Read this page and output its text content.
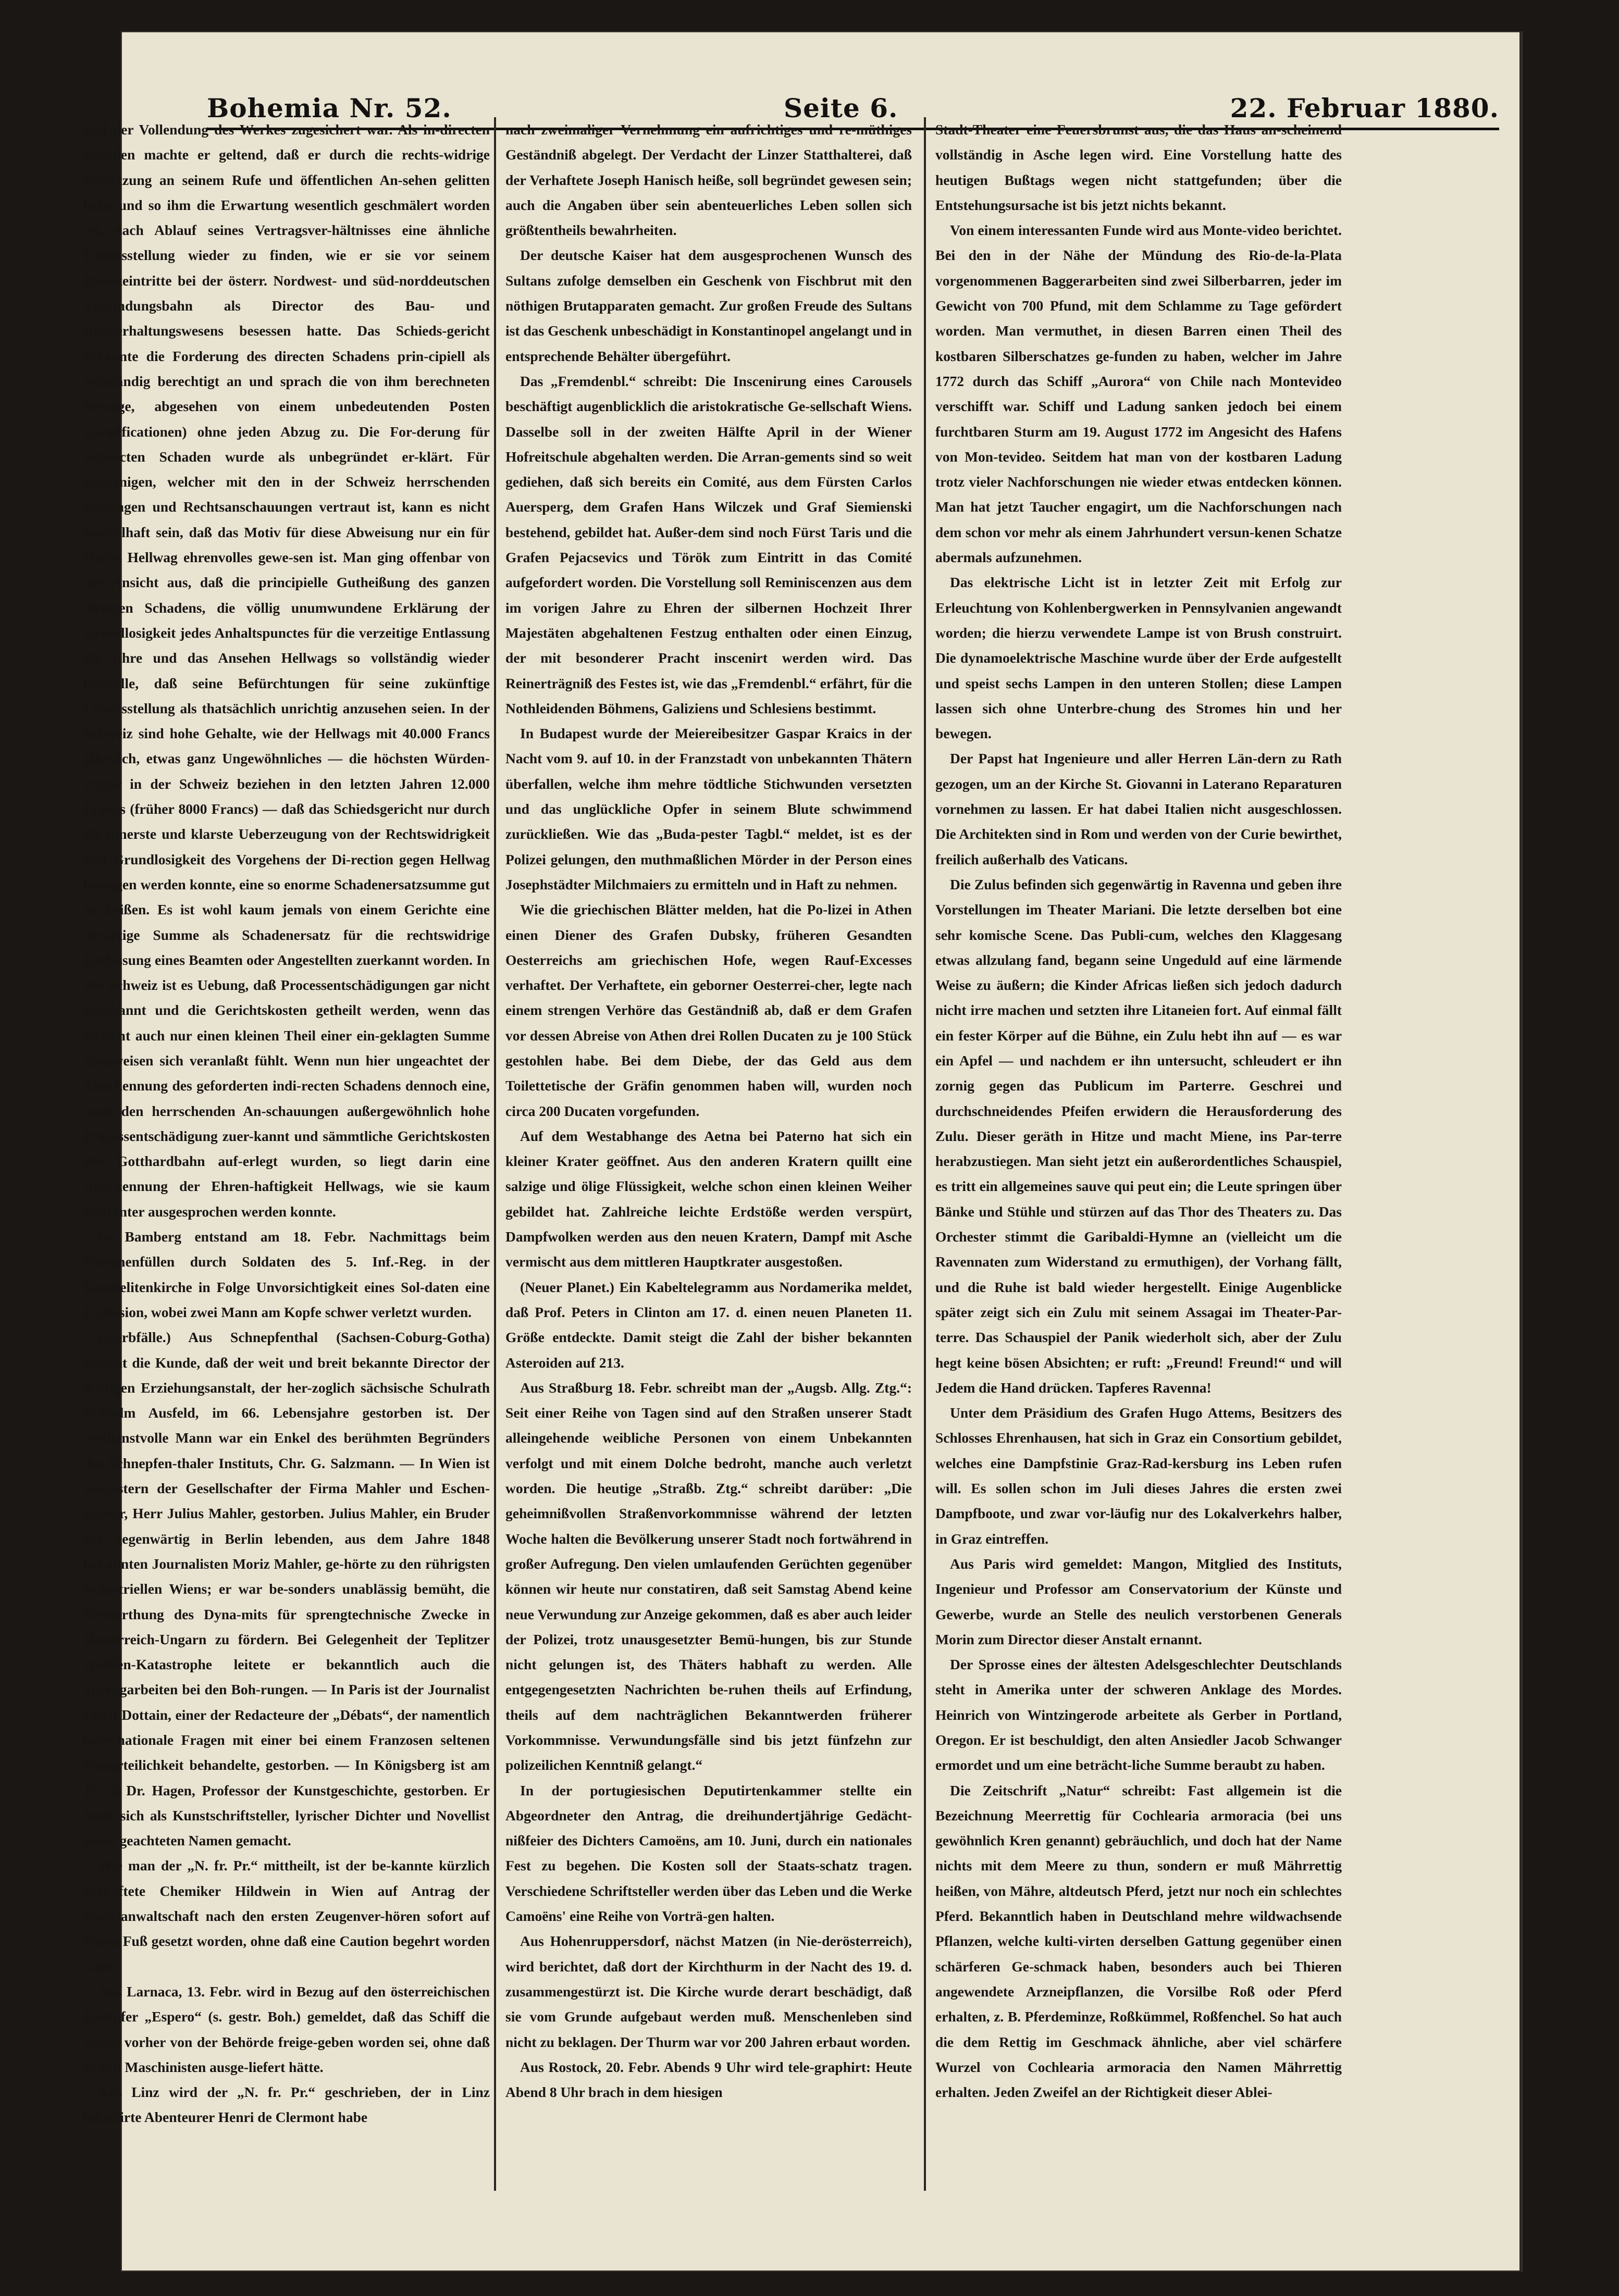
Bohemia Nr. 52.	Seite 6.	22. Februar 1880.

Fall der Vollendung des Werkes zugesichert war. Als in-directen Schaden machte er geltend, daß er durch die rechts-widrige Entsetzung an seinem Rufe und öffentlichen An-sehen gelitten habe und so ihm die Erwartung wesentlich geschmälert worden sei, nach Ablauf seines Vertragsver-hältnisses eine ähnliche Lebensstellung wieder zu finden, wie er sie vor seinem Diensteintritte bei der österr. Nordwest- und süd-norddeutschen Verbindungsbahn als Director des Bau- und Bahnerhaltungswesens besessen hatte. Das Schieds-gericht erkannte die Forderung des directen Schadens prin-cipiell als vollständig berechtigt an und sprach die von ihm berechneten Beträge, abgesehen von einem unbedeutenden Posten (Gratificationen) ohne jeden Abzug zu. Die For-derung für indirecten Schaden wurde als unbegründet er-klärt. Für Denjenigen, welcher mit den in der Schweiz herrschenden Uebungen und Rechtsanschauungen vertraut ist, kann es nicht zweifelhaft sein, daß das Motiv für diese Abweisung nur ein für Herrn Hellwag ehrenvolles gewe-sen ist. Man ging offenbar von der Ansicht aus, daß die principielle Gutheißung des ganzen directen Schadens, die völlig unumwundene Erklärung der Grundlosigkeit jedes Anhaltspunctes für die verzeitige Entlassung die Ehre und das Ansehen Hellwags so vollständig wieder herstelle, daß seine Befürchtungen für seine zukünftige Lebensstellung als thatsächlich unrichtig anzusehen seien. In der Schweiz sind hohe Gehalte, wie der Hellwags mit 40.000 Francs jähr-lich, etwas ganz Ungewöhnliches — die höchsten Würden-träger in der Schweiz beziehen in den letzten Jahren 12.000 Francs (früher 8000 Francs) — daß das Schiedsgericht nur durch die innerste und klarste Ueberzeugung von der Rechtswidrigkeit und Grundlosigkeit des Vorgehens der Di-rection gegen Hellwag bewogen werden konnte, eine so enorme Schadenersatzsumme gut zu heißen. Es ist wohl kaum jemals von einem Gerichte eine derartige Summe als Schadenersatz für die rechtswidrige Entlassung eines Beamten oder Angestellten zuerkannt worden. In der Schweiz ist es Uebung, daß Processentschädigungen gar nicht zuerkannt und die Gerichtskosten getheilt werden, wenn das Gericht auch nur einen kleinen Theil einer ein-geklagten Summe abzuweisen sich veranlaßt fühlt. Wenn nun hier ungeachtet der Aberkennung des geforderten indi-recten Schadens dennoch eine, nach den herrschenden An-schauungen außergewöhnlich hohe Processentschädigung zuer-kannt und sämmtliche Gerichtskosten der Gotthardbahn auf-erlegt wurden, so liegt darin eine Anerkennung der Ehren-haftigkeit Hellwags, wie sie kaum eclatanter ausgesprochen werden konnte.

In Bamberg entstand am 18. Febr. Nachmittags beim Patronenfüllen durch Soldaten des 5. Inf.-Reg. in der Karmelitenkirche in Folge Unvorsichtigkeit eines Sol-daten eine Explosion, wobei zwei Mann am Kopfe schwer verletzt wurden.

(Sterbfälle.) Aus Schnepfenthal (Sachsen-Coburg-Gotha) kommt die Kunde, daß der weit und breit bekannte Director der dortigen Erziehungsanstalt, der her-zoglich sächsische Schulrath Wilhelm Ausfeld, im 66. Lebensjahre gestorben ist. Der verdienstvolle Mann war ein Enkel des berühmten Begründers des Schnepfen-thaler Instituts, Chr. G. Salzmann. — In Wien ist vorgestern der Gesellschafter der Firma Mahler und Eschen-bacher, Herr Julius Mahler, gestorben. Julius Mahler, ein Bruder des gegenwärtig in Berlin lebenden, aus dem Jahre 1848 bekannten Journalisten Moriz Mahler, ge-hörte zu den rührigsten Industriellen Wiens; er war be-sonders unablässig bemüht, die Verwerthung des Dyna-mits für sprengtechnische Zwecke in Oesterreich-Ungarn zu fördern. Bei Gelegenheit der Teplitzer Quellen-Katastrophe leitete er bekanntlich auch die Sprengarbeiten bei den Boh-rungen. — In Paris ist der Journalist Ernst Dottain, einer der Redacteure der „Débats“, der namentlich inter-nationale Fragen mit einer bei einem Franzosen seltenen Unparteilichkeit behandelte, gestorben. — In Königsberg ist am 15. d. Dr. Hagen, Professor der Kunstgeschichte, gestorben. Er hatte sich als Kunstschriftsteller, lyrischer Dichter und Novellist einen geachteten Namen gemacht.

Wie man der „N. fr. Pr.“ mittheilt, ist der be-kannte kürzlich verhaftete Chemiker Hildwein in Wien auf Antrag der Staatsanwaltschaft nach den ersten Zeugenver-hören sofort auf freien Fuß gesetzt worden, ohne daß eine Caution begehrt worden wäre.

Aus Larnaca, 13. Febr. wird in Bezug auf den österreichischen Dampfer „Espero“ (s. gestr. Boh.) gemeldet, daß das Schiff die Nacht vorher von der Behörde freige-geben worden sei, ohne daß es den Maschinisten ausge-liefert hätte.

Aus Linz wird der „N. fr. Pr.“ geschrieben, der in Linz inhaftirte Abenteurer Henri de Clermont habe

nach zweimaliger Vernehmung ein aufrichtiges und re-müthiges Geständniß abgelegt. Der Verdacht der Linzer Statthalterei, daß der Verhaftete Joseph Hanisch heiße, soll begründet gewesen sein; auch die Angaben über sein abenteuerliches Leben sollen sich größtentheils bewahrheiten.

Der deutsche Kaiser hat dem ausgesprochenen Wunsch des Sultans zufolge demselben ein Geschenk von Fischbrut mit den nöthigen Brutapparaten gemacht. Zur großen Freude des Sultans ist das Geschenk unbeschädigt in Konstantinopel angelangt und in entsprechende Behälter übergeführt.

Das „Fremdenbl.“ schreibt: Die Inscenirung eines Carousels beschäftigt augenblicklich die aristokratische Ge-sellschaft Wiens. Dasselbe soll in der zweiten Hälfte April in der Wiener Hofreitschule abgehalten werden. Die Arran-gements sind so weit gediehen, daß sich bereits ein Comité, aus dem Fürsten Carlos Auersperg, dem Grafen Hans Wilczek und Graf Siemienski bestehend, gebildet hat. Außer-dem sind noch Fürst Taris und die Grafen Pejacsevics und Török zum Eintritt in das Comité aufgefordert worden. Die Vorstellung soll Reminiscenzen aus dem im vorigen Jahre zu Ehren der silbernen Hochzeit Ihrer Majestäten abgehaltenen Festzug enthalten oder einen Einzug, der mit besonderer Pracht inscenirt werden wird. Das Reinerträgniß des Festes ist, wie das „Fremdenbl.“ erfährt, für die Nothleidenden Böhmens, Galiziens und Schlesiens bestimmt.

In Budapest wurde der Meiereibesitzer Gaspar Kraics in der Nacht vom 9. auf 10. in der Franzstadt von unbekannten Thätern überfallen, welche ihm mehre tödtliche Stichwunden versetzten und das unglückliche Opfer in seinem Blute schwimmend zurückließen. Wie das „Buda-pester Tagbl.“ meldet, ist es der Polizei gelungen, den muthmaßlichen Mörder in der Person eines Josephstädter Milchmaiers zu ermitteln und in Haft zu nehmen.

Wie die griechischen Blätter melden, hat die Po-lizei in Athen einen Diener des Grafen Dubsky, früheren Gesandten Oesterreichs am griechischen Hofe, wegen Rauf-Excesses verhaftet. Der Verhaftete, ein geborner Oesterrei-cher, legte nach einem strengen Verhöre das Geständniß ab, daß er dem Grafen vor dessen Abreise von Athen drei Rollen Ducaten zu je 100 Stück gestohlen habe. Bei dem Diebe, der das Geld aus dem Toilettetische der Gräfin genommen haben will, wurden noch circa 200 Ducaten vorgefunden.

Auf dem Westabhange des Aetna bei Paterno hat sich ein kleiner Krater geöffnet. Aus den anderen Kratern quillt eine salzige und ölige Flüssigkeit, welche schon einen kleinen Weiher gebildet hat. Zahlreiche leichte Erdstöße werden verspürt, Dampfwolken werden aus den neuen Kratern, Dampf mit Asche vermischt aus dem mittleren Hauptkrater ausgestoßen.

(Neuer Planet.) Ein Kabeltelegramm aus Nordamerika meldet, daß Prof. Peters in Clinton am 17. d. einen neuen Planeten 11. Größe entdeckte. Damit steigt die Zahl der bisher bekannten Asteroiden auf 213.

Aus Straßburg 18. Febr. schreibt man der „Augsb. Allg. Ztg.“: Seit einer Reihe von Tagen sind auf den Straßen unserer Stadt alleingehende weibliche Personen von einem Unbekannten verfolgt und mit einem Dolche bedroht, manche auch verletzt worden. Die heutige „Straßb. Ztg.“ schreibt darüber: „Die geheimnißvollen Straßenvorkommnisse während der letzten Woche halten die Bevölkerung unserer Stadt noch fortwährend in großer Aufregung. Den vielen umlaufenden Gerüchten gegenüber können wir heute nur constatiren, daß seit Samstag Abend keine neue Verwundung zur Anzeige gekommen, daß es aber auch leider der Polizei, trotz unausgesetzter Bemü-hungen, bis zur Stunde nicht gelungen ist, des Thäters habhaft zu werden. Alle entgegengesetzten Nachrichten be-ruhen theils auf Erfindung, theils auf dem nachträglichen Bekanntwerden früherer Vorkommnisse. Verwundungsfälle sind bis jetzt fünfzehn zur polizeilichen Kenntniß gelangt.“

In der portugiesischen Deputirtenkammer stellte ein Abgeordneter den Antrag, die dreihundertjährige Gedächt-nißfeier des Dichters Camoëns, am 10. Juni, durch ein nationales Fest zu begehen. Die Kosten soll der Staats-schatz tragen. Verschiedene Schriftsteller werden über das Leben und die Werke Camoëns' eine Reihe von Vorträ-gen halten.

Aus Hohenruppersdorf, nächst Matzen (in Nie-derösterreich), wird berichtet, daß dort der Kirchthurm in der Nacht des 19. d. zusammengestürzt ist. Die Kirche wurde derart beschädigt, daß sie vom Grunde aufgebaut werden muß. Menschenleben sind nicht zu beklagen. Der Thurm war vor 200 Jahren erbaut worden.

Aus Rostock, 20. Febr. Abends 9 Uhr wird tele-graphirt: Heute Abend 8 Uhr brach in dem hiesigen

Stadt-Theater eine Feuersbrunst aus, die das Haus an-scheinend vollständig in Asche legen wird. Eine Vorstellung hatte des heutigen Bußtags wegen nicht stattgefunden; über die Entstehungsursache ist bis jetzt nichts bekannt.

Von einem interessanten Funde wird aus Monte-video berichtet. Bei den in der Nähe der Mündung des Rio-de-la-Plata vorgenommenen Baggerarbeiten sind zwei Silberbarren, jeder im Gewicht von 700 Pfund, mit dem Schlamme zu Tage gefördert worden. Man vermuthet, in diesen Barren einen Theil des kostbaren Silberschatzes ge-funden zu haben, welcher im Jahre 1772 durch das Schiff „Aurora“ von Chile nach Montevideo verschifft war. Schiff und Ladung sanken jedoch bei einem furchtbaren Sturm am 19. August 1772 im Angesicht des Hafens von Mon-tevideo. Seitdem hat man von der kostbaren Ladung trotz vieler Nachforschungen nie wieder etwas entdecken können. Man hat jetzt Taucher engagirt, um die Nachforschungen nach dem schon vor mehr als einem Jahrhundert versun-kenen Schatze abermals aufzunehmen.

Das elektrische Licht ist in letzter Zeit mit Erfolg zur Erleuchtung von Kohlenbergwerken in Pennsylvanien angewandt worden; die hierzu verwendete Lampe ist von Brush construirt. Die dynamoelektrische Maschine wurde über der Erde aufgestellt und speist sechs Lampen in den unteren Stollen; diese Lampen lassen sich ohne Unterbre-chung des Stromes hin und her bewegen.

Der Papst hat Ingenieure und aller Herren Län-dern zu Rath gezogen, um an der Kirche St. Giovanni in Laterano Reparaturen vornehmen zu lassen. Er hat dabei Italien nicht ausgeschlossen. Die Architekten sind in Rom und werden von der Curie bewirthet, freilich außerhalb des Vaticans.

Die Zulus befinden sich gegenwärtig in Ravenna und geben ihre Vorstellungen im Theater Mariani. Die letzte derselben bot eine sehr komische Scene. Das Publi-cum, welches den Klaggesang etwas allzulang fand, begann seine Ungeduld auf eine lärmende Weise zu äußern; die Kinder Africas ließen sich jedoch dadurch nicht irre machen und setzten ihre Litaneien fort. Auf einmal fällt ein fester Körper auf die Bühne, ein Zulu hebt ihn auf — es war ein Apfel — und nachdem er ihn untersucht, schleudert er ihn zornig gegen das Publicum im Parterre. Geschrei und durchschneidendes Pfeifen erwidern die Herausforderung des Zulu. Dieser geräth in Hitze und macht Miene, ins Par-terre herabzustiegen. Man sieht jetzt ein außerordentliches Schauspiel, es tritt ein allgemeines sauve qui peut ein; die Leute springen über Bänke und Stühle und stürzen auf das Thor des Theaters zu. Das Orchester stimmt die Garibaldi-Hymne an (vielleicht um die Ravennaten zum Widerstand zu ermuthigen), der Vorhang fällt, und die Ruhe ist bald wieder hergestellt. Einige Augenblicke später zeigt sich ein Zulu mit seinem Assagai im Theater-Par-terre. Das Schauspiel der Panik wiederholt sich, aber der Zulu hegt keine bösen Absichten; er ruft: „Freund! Freund!“ und will Jedem die Hand drücken. Tapferes Ravenna!

Unter dem Präsidium des Grafen Hugo Attems, Besitzers des Schlosses Ehrenhausen, hat sich in Graz ein Consortium gebildet, welches eine Dampfstinie Graz-Rad-kersburg ins Leben rufen will. Es sollen schon im Juli dieses Jahres die ersten zwei Dampfboote, und zwar vor-läufig nur des Lokalverkehrs halber, in Graz eintreffen.

Aus Paris wird gemeldet: Mangon, Mitglied des Instituts, Ingenieur und Professor am Conservatorium der Künste und Gewerbe, wurde an Stelle des neulich verstorbenen Generals Morin zum Director dieser Anstalt ernannt.

Der Sprosse eines der ältesten Adelsgeschlechter Deutschlands steht in Amerika unter der schweren Anklage des Mordes. Heinrich von Wintzingerode arbeitete als Gerber in Portland, Oregon. Er ist beschuldigt, den alten Ansiedler Jacob Schwanger ermordet und um eine beträcht-liche Summe beraubt zu haben.

Die Zeitschrift „Natur“ schreibt: Fast allgemein ist die Bezeichnung Meerrettig für Cochlearia armoracia (bei uns gewöhnlich Kren genannt) gebräuchlich, und doch hat der Name nichts mit dem Meere zu thun, sondern er muß Mährrettig heißen, von Mähre, altdeutsch Pferd, jetzt nur noch ein schlechtes Pferd. Bekanntlich haben in Deutschland mehre wildwachsende Pflanzen, welche kulti-virten derselben Gattung gegenüber einen schärferen Ge-schmack haben, besonders auch bei Thieren angewendete Arzneipflanzen, die Vorsilbe Roß oder Pferd erhalten, z. B. Pferdeminze, Roßkümmel, Roßfenchel. So hat auch die dem Rettig im Geschmack ähnliche, aber viel schärfere Wurzel von Cochlearia armoracia den Namen Mährrettig erhalten. Jeden Zweifel an der Richtigkeit dieser Ablei-
